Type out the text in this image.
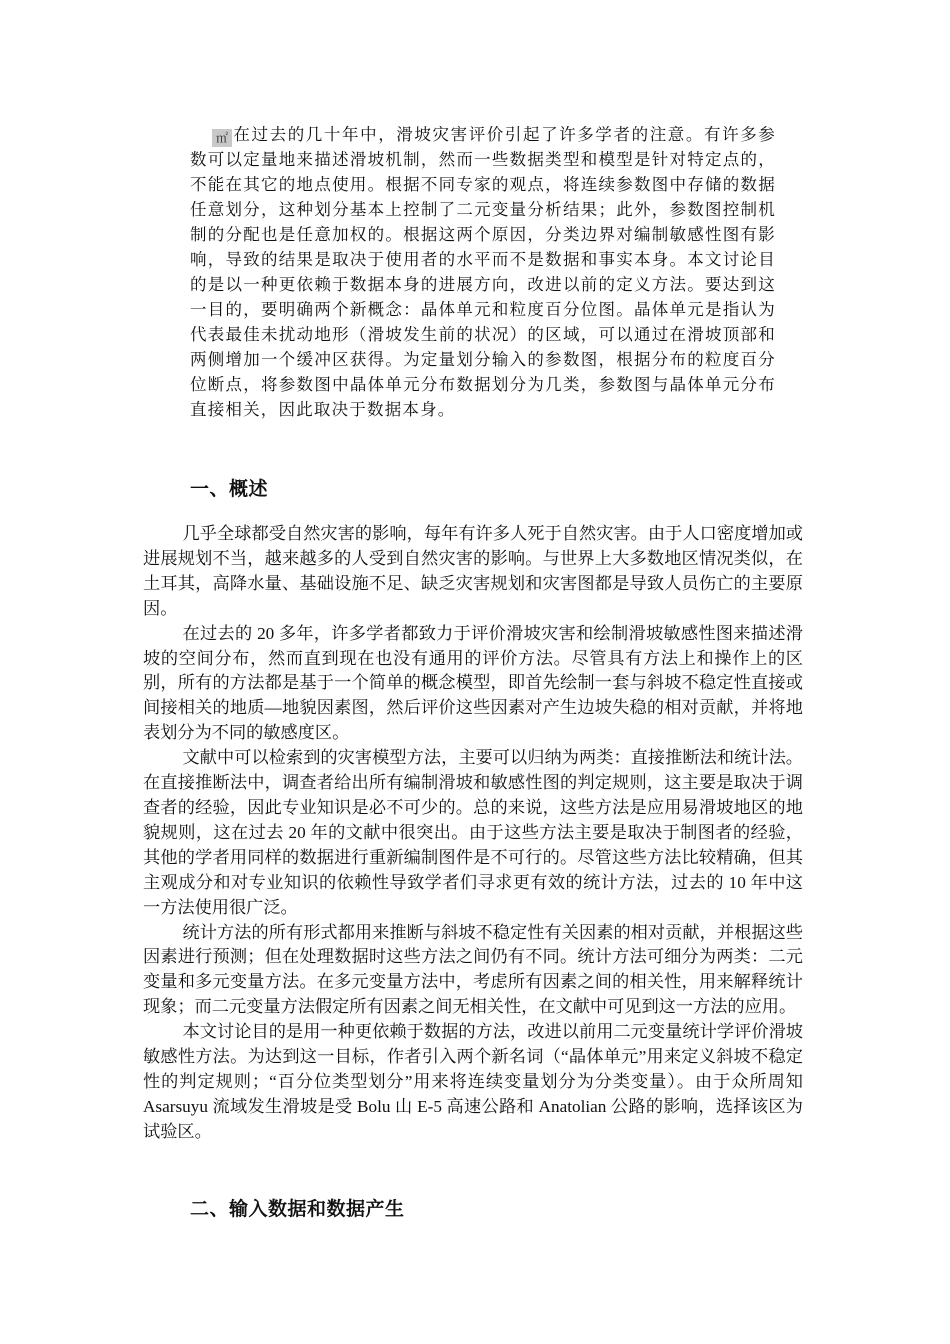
㎡ 在过去的几十年中，滑坡灾害评价引起了许多学者的注意。有许多参数可以定量地来描述滑坡机制，然而一些数据类型和模型是针对特定点的，不能在其它的地点使用。根据不同专家的观点，将连续参数图中存储的数据任意划分，这种划分基本上控制了二元变量分析结果；此外，参数图控制机制的分配也是任意加权的。根据这两个原因，分类边界对编制敏感性图有影响，导致的结果是取决于使用者的水平而不是数据和事实本身。本文讨论目的是以一种更依赖于数据本身的进展方向，改进以前的定义方法。要达到这一目的，要明确两个新概念：晶体单元和粒度百分位图。晶体单元是指认为代表最佳未扰动地形（滑坡发生前的状况）的区域，可以通过在滑坡顶部和两侧增加一个缓冲区获得。为定量划分输入的参数图，根据分布的粒度百分位断点，将参数图中晶体单元分布数据划分为几类，参数图与晶体单元分布直接相关，因此取决于数据本身。

一、概述

几乎全球都受自然灾害的影响，每年有许多人死于自然灾害。由于人口密度增加或进展规划不当，越来越多的人受到自然灾害的影响。与世界上大多数地区情况类似，在土耳其，高降水量、基础设施不足、缺乏灾害规划和灾害图都是导致人员伤亡的主要原因。

在过去的 20 多年，许多学者都致力于评价滑坡灾害和绘制滑坡敏感性图来描述滑坡的空间分布，然而直到现在也没有通用的评价方法。尽管具有方法上和操作上的区别，所有的方法都是基于一个简单的概念模型，即首先绘制一套与斜坡不稳定性直接或间接相关的地质—地貌因素图，然后评价这些因素对产生边坡失稳的相对贡献，并将地表划分为不同的敏感度区。

文献中可以检索到的灾害模型方法，主要可以归纳为两类：直接推断法和统计法。在直接推断法中，调查者给出所有编制滑坡和敏感性图的判定规则，这主要是取决于调查者的经验，因此专业知识是必不可少的。总的来说，这些方法是应用易滑坡地区的地貌规则，这在过去 20 年的文献中很突出。由于这些方法主要是取决于制图者的经验，其他的学者用同样的数据进行重新编制图件是不可行的。尽管这些方法比较精确，但其主观成分和对专业知识的依赖性导致学者们寻求更有效的统计方法，过去的 10 年中这一方法使用很广泛。

统计方法的所有形式都用来推断与斜坡不稳定性有关因素的相对贡献，并根据这些因素进行预测；但在处理数据时这些方法之间仍有不同。统计方法可细分为两类：二元变量和多元变量方法。在多元变量方法中，考虑所有因素之间的相关性，用来解释统计现象；而二元变量方法假定所有因素之间无相关性，在文献中可见到这一方法的应用。

本文讨论目的是用一种更依赖于数据的方法，改进以前用二元变量统计学评价滑坡敏感性方法。为达到这一目标，作者引入两个新名词（“晶体单元”用来定义斜坡不稳定性的判定规则；“百分位类型划分”用来将连续变量划分为分类变量）。由于众所周知 Asarsuyu 流域发生滑坡是受 Bolu 山 E-5 高速公路和 Anatolian 公路的影响，选择该区为试验区。

二、输入数据和数据产生
